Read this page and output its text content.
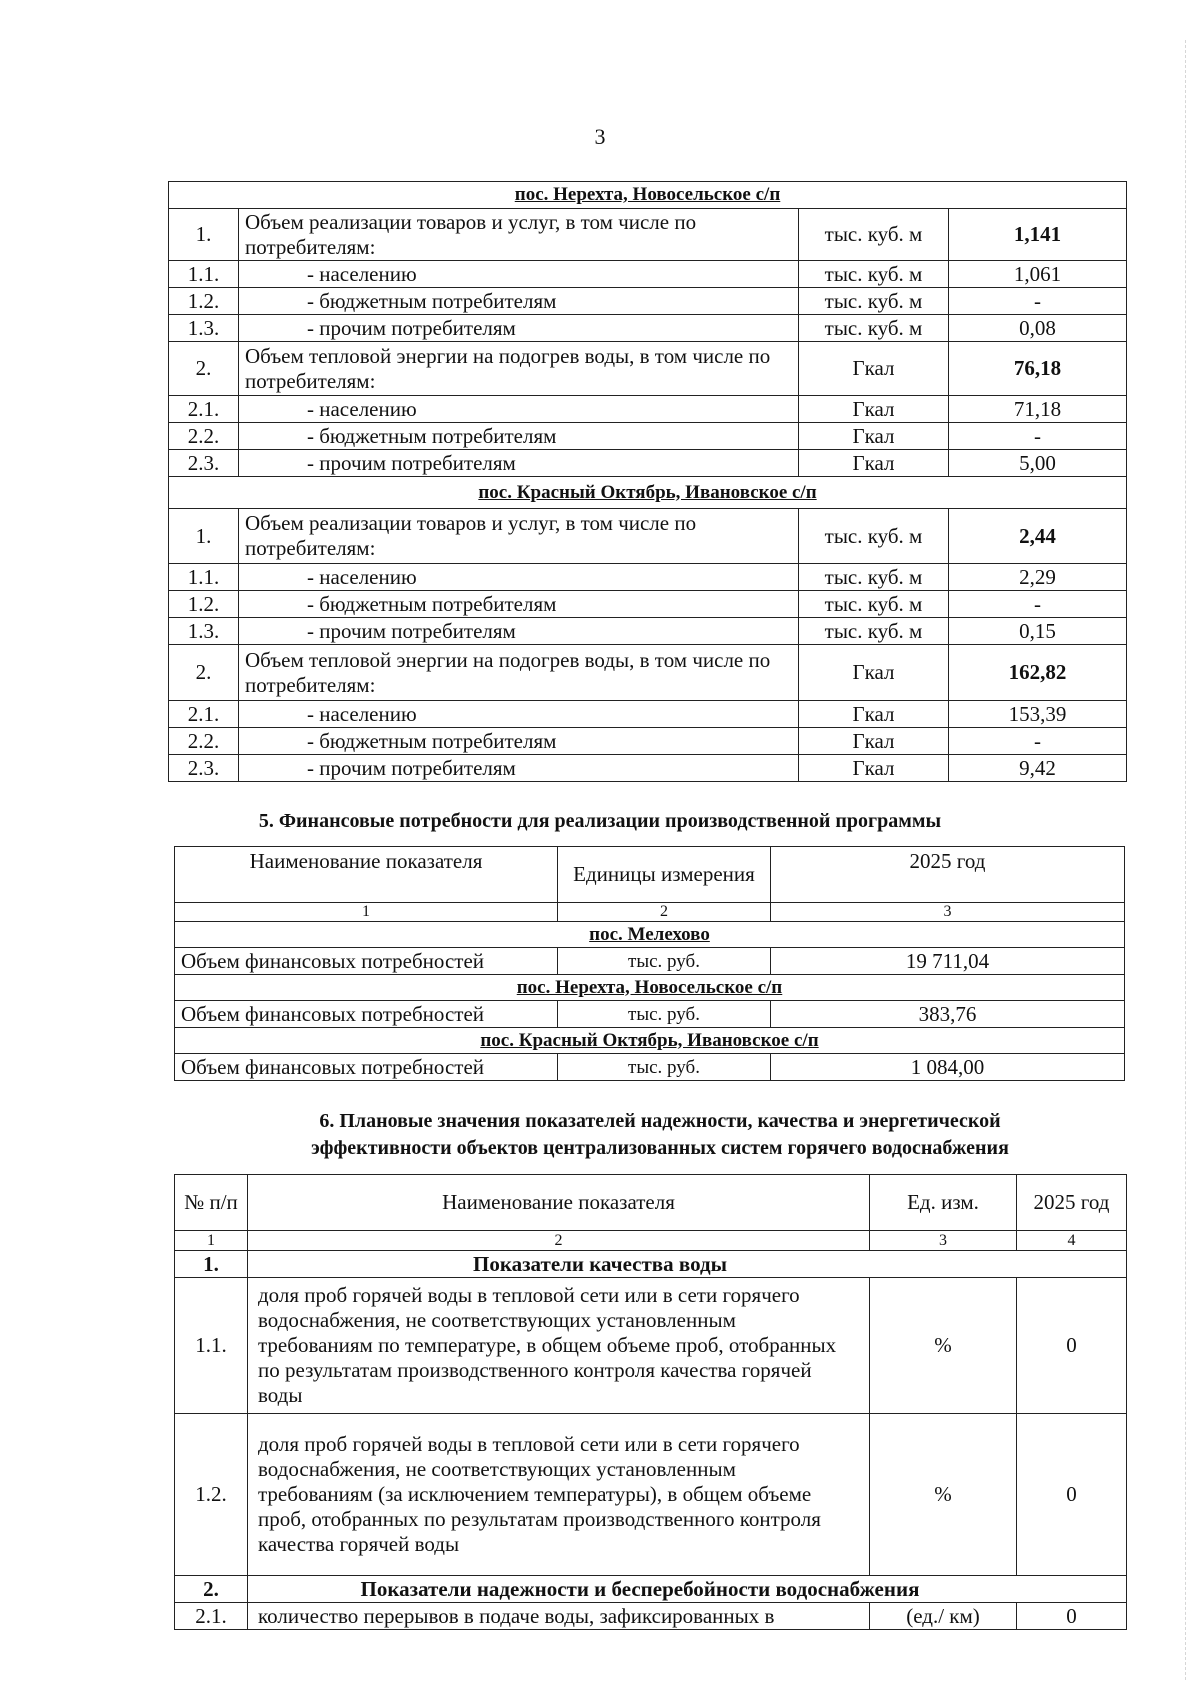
3
пос. Нерехта, Новосельское с/п			
1.	Объем реализации товаров и услуг, в том числе по потребителям:	тыс. куб. м	1,141
1.1.	- населению	тыс. куб. м	1,061
1.2.	- бюджетным потребителям	тыс. куб. м	-
1.3.	- прочим потребителям	тыс. куб. м	0,08
2.	Объем тепловой энергии на подогрев воды, в том числе по потребителям:	Гкал	76,18
2.1.	- населению	Гкал	71,18
2.2.	- бюджетным потребителям	Гкал	-
2.3.	- прочим потребителям	Гкал	5,00
пос. Красный Октябрь, Ивановское с/п			
1.	Объем реализации товаров и услуг, в том числе по потребителям:	тыс. куб. м	2,44
1.1.	- населению	тыс. куб. м	2,29
1.2.	- бюджетным потребителям	тыс. куб. м	-
1.3.	- прочим потребителям	тыс. куб. м	0,15
2.	Объем тепловой энергии на подогрев воды, в том числе по потребителям:	Гкал	162,82
2.1.	- населению	Гкал	153,39
2.2.	- бюджетным потребителям	Гкал	-
2.3.	- прочим потребителям	Гкал	9,42
5. Финансовые потребности для реализации производственной программы
Наименование показателя	Единицы измерения	2025 год
1	2	3
пос. Мелехово		
Объем финансовых потребностей	тыс. руб.	19 711,04
пос. Нерехта, Новосельское с/п		
Объем финансовых потребностей	тыс. руб.	383,76
пос. Красный Октябрь, Ивановское с/п		
Объем финансовых потребностей	тыс. руб.	1 084,00
6. Плановые значения показателей надежности, качества и энергетической
эффективности объектов централизованных систем горячего водоснабжения
№ п/п	Наименование показателя	Ед. изм.	2025 год
1	2	3	4
1.	Показатели качества воды		
1.1.	доля проб горячей воды в тепловой сети или в сети горячего водоснабжения, не соответствующих установленным требованиям по температуре, в общем объеме проб, отобранных по результатам производственного контроля качества горячей воды	%	0
1.2.	доля проб горячей воды в тепловой сети или в сети горячего водоснабжения, не соответствующих установленным требованиям (за исключением температуры), в общем объеме проб, отобранных по результатам производственного контроля качества горячей воды	%	0
2.	Показатели надежности и бесперебойности водоснабжения		
2.1.	количество перерывов в подаче воды, зафиксированных в	(ед./ км)	0
